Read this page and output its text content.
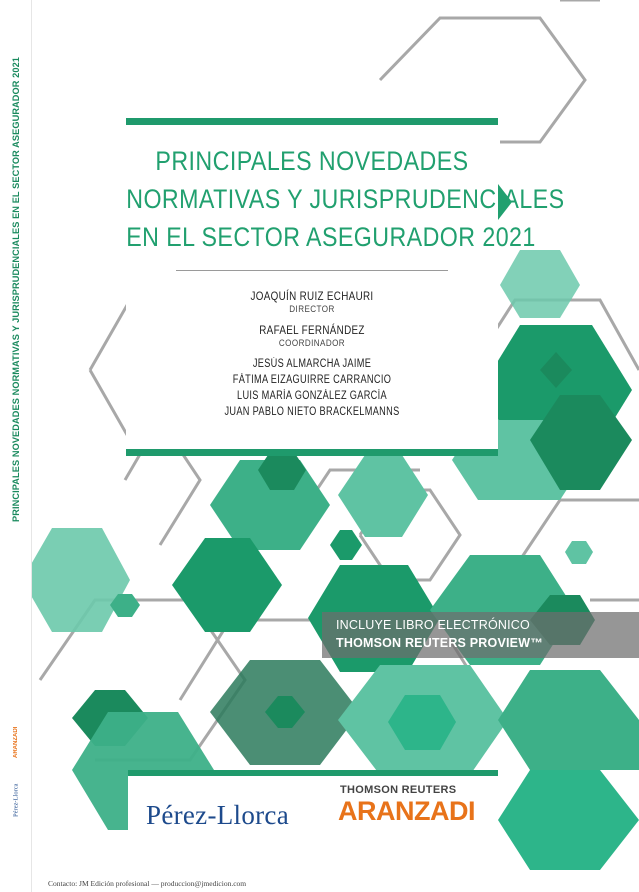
PRINCIPALES NOVEDADES NORMATIVAS Y JURISPRUDENCIALES EN EL SECTOR ASEGURADOR 2021
ARANZADI
Pérez-Llorca
PRINCIPALES NOVEDADES
NORMATIVAS Y JURISPRUDENCIALES
EN EL SECTOR ASEGURADOR 2021
JOAQUÍN RUIZ ECHAURI
DIRECTOR
RAFAEL FERNÁNDEZ
COORDINADOR
JESÚS ALMARCHA JAIME
FÁTIMA EIZAGUIRRE CARRANCIO
LUIS MARÍA GONZÁLEZ GARCÍA
JUAN PABLO NIETO BRACKELMANNS
INCLUYE LIBRO ELECTRÓNICO
THOMSON REUTERS PROVIEW™
Pérez-Llorca
THOMSON REUTERS
ARANZADI
Contacto: JM Edición profesional — produccion@jmedicion.com
